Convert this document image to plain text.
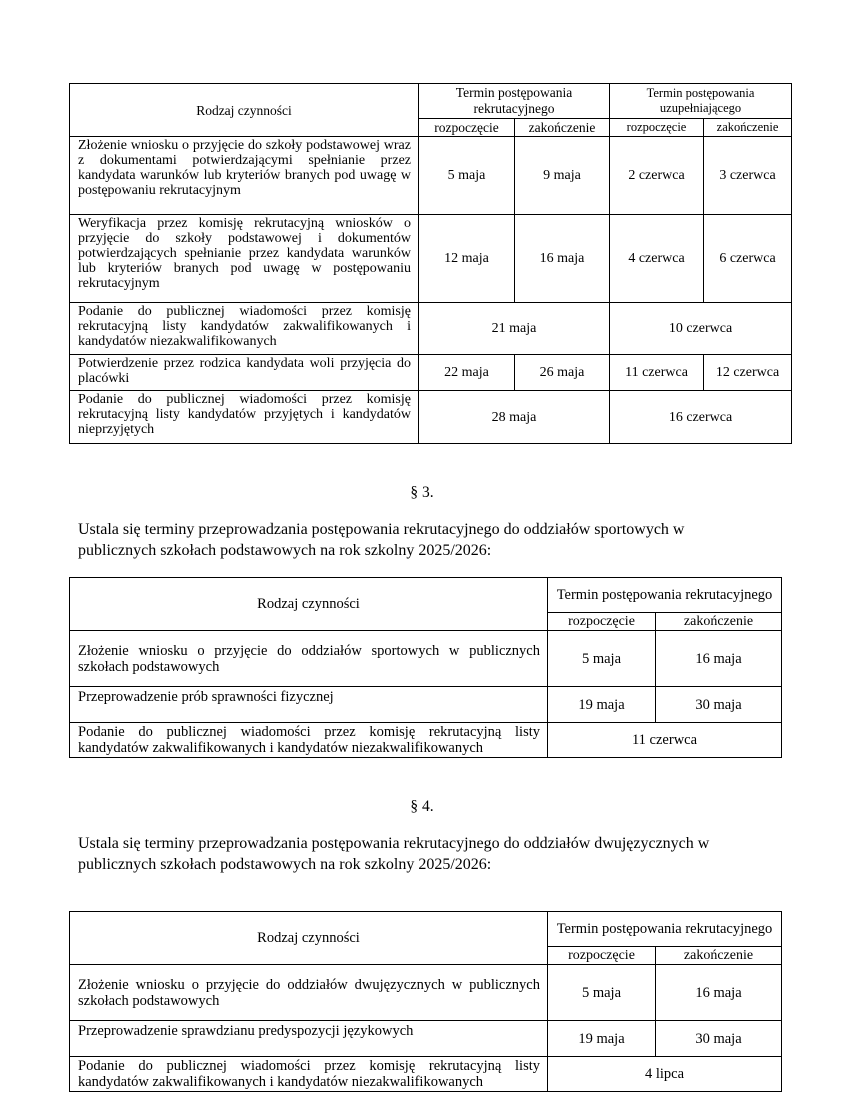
Rodzaj czynności	Termin postępowania rekrutacyjnego		Termin postępowania uzupełniającego	
	rozpoczęcie	zakończenie	rozpoczęcie	zakończenie
Złożenie wniosku o przyjęcie do szkoły podstawowej wraz z dokumentami potwierdzającymi spełnianie przez kandydata warunków lub kryteriów branych pod uwagę w postępowaniu rekrutacyjnym	5 maja	9 maja	2 czerwca	3 czerwca
Weryfikacja przez komisję rekrutacyjną wniosków o przyjęcie do szkoły podstawowej i dokumentów potwierdzających spełnianie przez kandydata warunków lub kryteriów branych pod uwagę w postępowaniu rekrutacyjnym	12 maja	16 maja	4 czerwca	6 czerwca
Podanie do publicznej wiadomości przez komisję rekrutacyjną listy kandydatów zakwalifikowanych i kandydatów niezakwalifikowanych	21 maja		10 czerwca	
Potwierdzenie przez rodzica kandydata woli przyjęcia do placówki	22 maja	26 maja	11 czerwca	12 czerwca
Podanie do publicznej wiadomości przez komisję rekrutacyjną listy kandydatów przyjętych i kandydatów nieprzyjętych	28 maja		16 czerwca	
§ 3.

Ustala się terminy przeprowadzania postępowania rekrutacyjnego do oddziałów sportowych w
publicznych szkołach podstawowych na rok szkolny 2025/2026:

Rodzaj czynności	Termin postępowania rekrutacyjnego	
	rozpoczęcie	zakończenie
Złożenie wniosku o przyjęcie do oddziałów sportowych w publicznych szkołach podstawowych	5 maja	16 maja
Przeprowadzenie prób sprawności fizycznej	19 maja	30 maja
Podanie do publicznej wiadomości przez komisję rekrutacyjną listy kandydatów zakwalifikowanych i kandydatów niezakwalifikowanych	11 czerwca	
§ 4.

Ustala się terminy przeprowadzania postępowania rekrutacyjnego do oddziałów dwujęzycznych w
publicznych szkołach podstawowych na rok szkolny 2025/2026:

Rodzaj czynności	Termin postępowania rekrutacyjnego	
	rozpoczęcie	zakończenie
Złożenie wniosku o przyjęcie do oddziałów dwujęzycznych w publicznych szkołach podstawowych	5 maja	16 maja
Przeprowadzenie sprawdzianu predyspozycji językowych	19 maja	30 maja
Podanie do publicznej wiadomości przez komisję rekrutacyjną listy kandydatów zakwalifikowanych i kandydatów niezakwalifikowanych	4 lipca	
